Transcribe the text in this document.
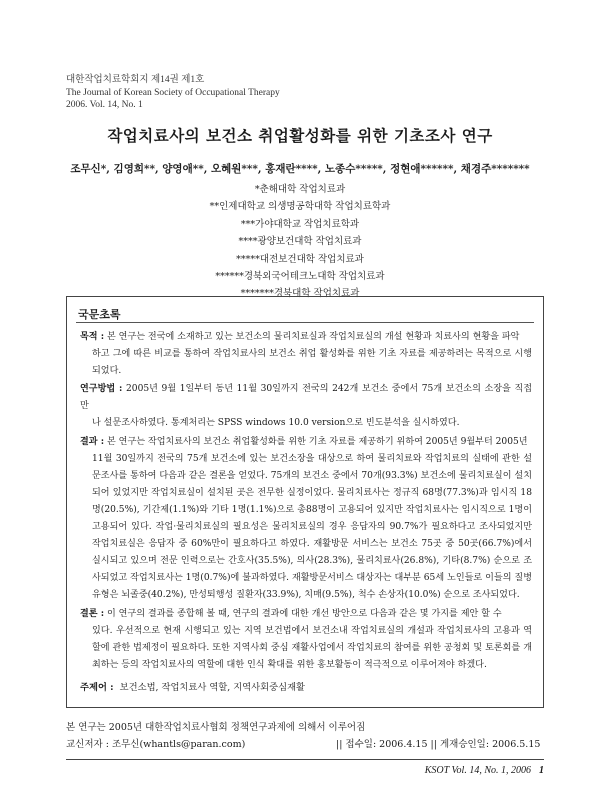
대한작업치료학회지 제14권 제1호
The Journal of Korean Society of Occupational Therapy
2006. Vol. 14, No. 1
작업치료사의 보건소 취업활성화를 위한 기초조사 연구
조무신*, 김영희**, 양영애**, 오혜원***, 홍재란****, 노종수*****, 정현애******, 채경주*******
*춘해대학 작업치료과
**인제대학교 의생명공학대학 작업치료학과
***가야대학교 작업치료학과
****광양보건대학 작업치료과
*****대전보건대학 작업치료과
******경북외국어테크노대학 작업치료과
*******경북대학 작업치료과
국문초록

목적 : 본 연구는 전국에 소재하고 있는 보건소의 물리치료실과 작업치료실의 개설 현황과 치료사의 현황을 파악

하고 그에 따른 비교를 통하여 작업치료사의 보건소 취업 활성화를 위한 기초 자료를 제공하려는 목적으로 시행되었다.

연구방법 : 2005년 9월 1일부터 동년 11월 30일까지 전국의 242개 보건소 중에서 75개 보건소의 소장을 직접 만

나 설문조사하였다. 통계처리는 SPSS windows 10.0 version으로 빈도분석을 실시하였다.

결과 : 본 연구는 작업치료사의 보건소 취업활성화를 위한 기초 자료를 제공하기 위하여 2005년 9월부터 2005년

11월 30일까지 전국의 75개 보건소에 있는 보건소장을 대상으로 하여 물리치료와 작업치료의 실태에 관한 설문조사를 통하여 다음과 같은 결론을 얻었다. 75개의 보건소 중에서 70개(93.3%) 보건소에 물리치료실이 설치되어 있었지만 작업치료실이 설치된 곳은 전무한 실정이었다. 물리치료사는 정규직 68명(77.3%)과 임시직 18명(20.5%), 기간제(1.1%)와 기타 1명(1.1%)으로 총88명이 고용되어 있지만 작업치료사는 임시직으로 1명이 고용되어 있다. 작업·물리치료실의 필요성은 물리치료실의 경우 응답자의 90.7%가 필요하다고 조사되었지만 작업치료실은 응답자 중 60%만이 필요하다고 하였다. 재활방문 서비스는 보건소 75곳 중 50곳(66.7%)에서 실시되고 있으며 전문 인력으로는 간호사(35.5%), 의사(28.3%), 물리치료사(26.8%), 기타(8.7%) 순으로 조사되었고 작업치료사는 1명(0.7%)에 불과하였다. 재활방문서비스 대상자는 대부분 65세 노인들로 이들의 질병유형은 뇌졸중(40.2%), 만성퇴행성 질환자(33.9%), 치매(9.5%), 척수 손상자(10.0%) 순으로 조사되었다.

결론 : 이 연구의 결과를 종합해 볼 때, 연구의 결과에 대한 개선 방안으로 다음과 같은 몇 가지를 제안 할 수

있다. 우선적으로 현재 시행되고 있는 지역 보건법에서 보건소내 작업치료실의 개설과 작업치료사의 고용과 역할에 관한 법제정이 필요하다. 또한 지역사회 중심 재활사업에서 작업치료의 참여를 위한 공청회 및 토론회를 개최하는 등의 작업치료사의 역할에 대한 인식 확대를 위한 홍보활동이 적극적으로 이루어져야 하겠다.

주제어 : 보건소법, 작업치료사 역할, 지역사회중심재활
본 연구는 2005년 대한작업치료사협회 정책연구과제에 의해서 이루어짐
교신저자 : 조무신(whantls@paran.com)	|| 접수일: 2006.4.15 || 게재승인일: 2006.5.15
KSOT Vol. 14, No. 1, 2006 1
